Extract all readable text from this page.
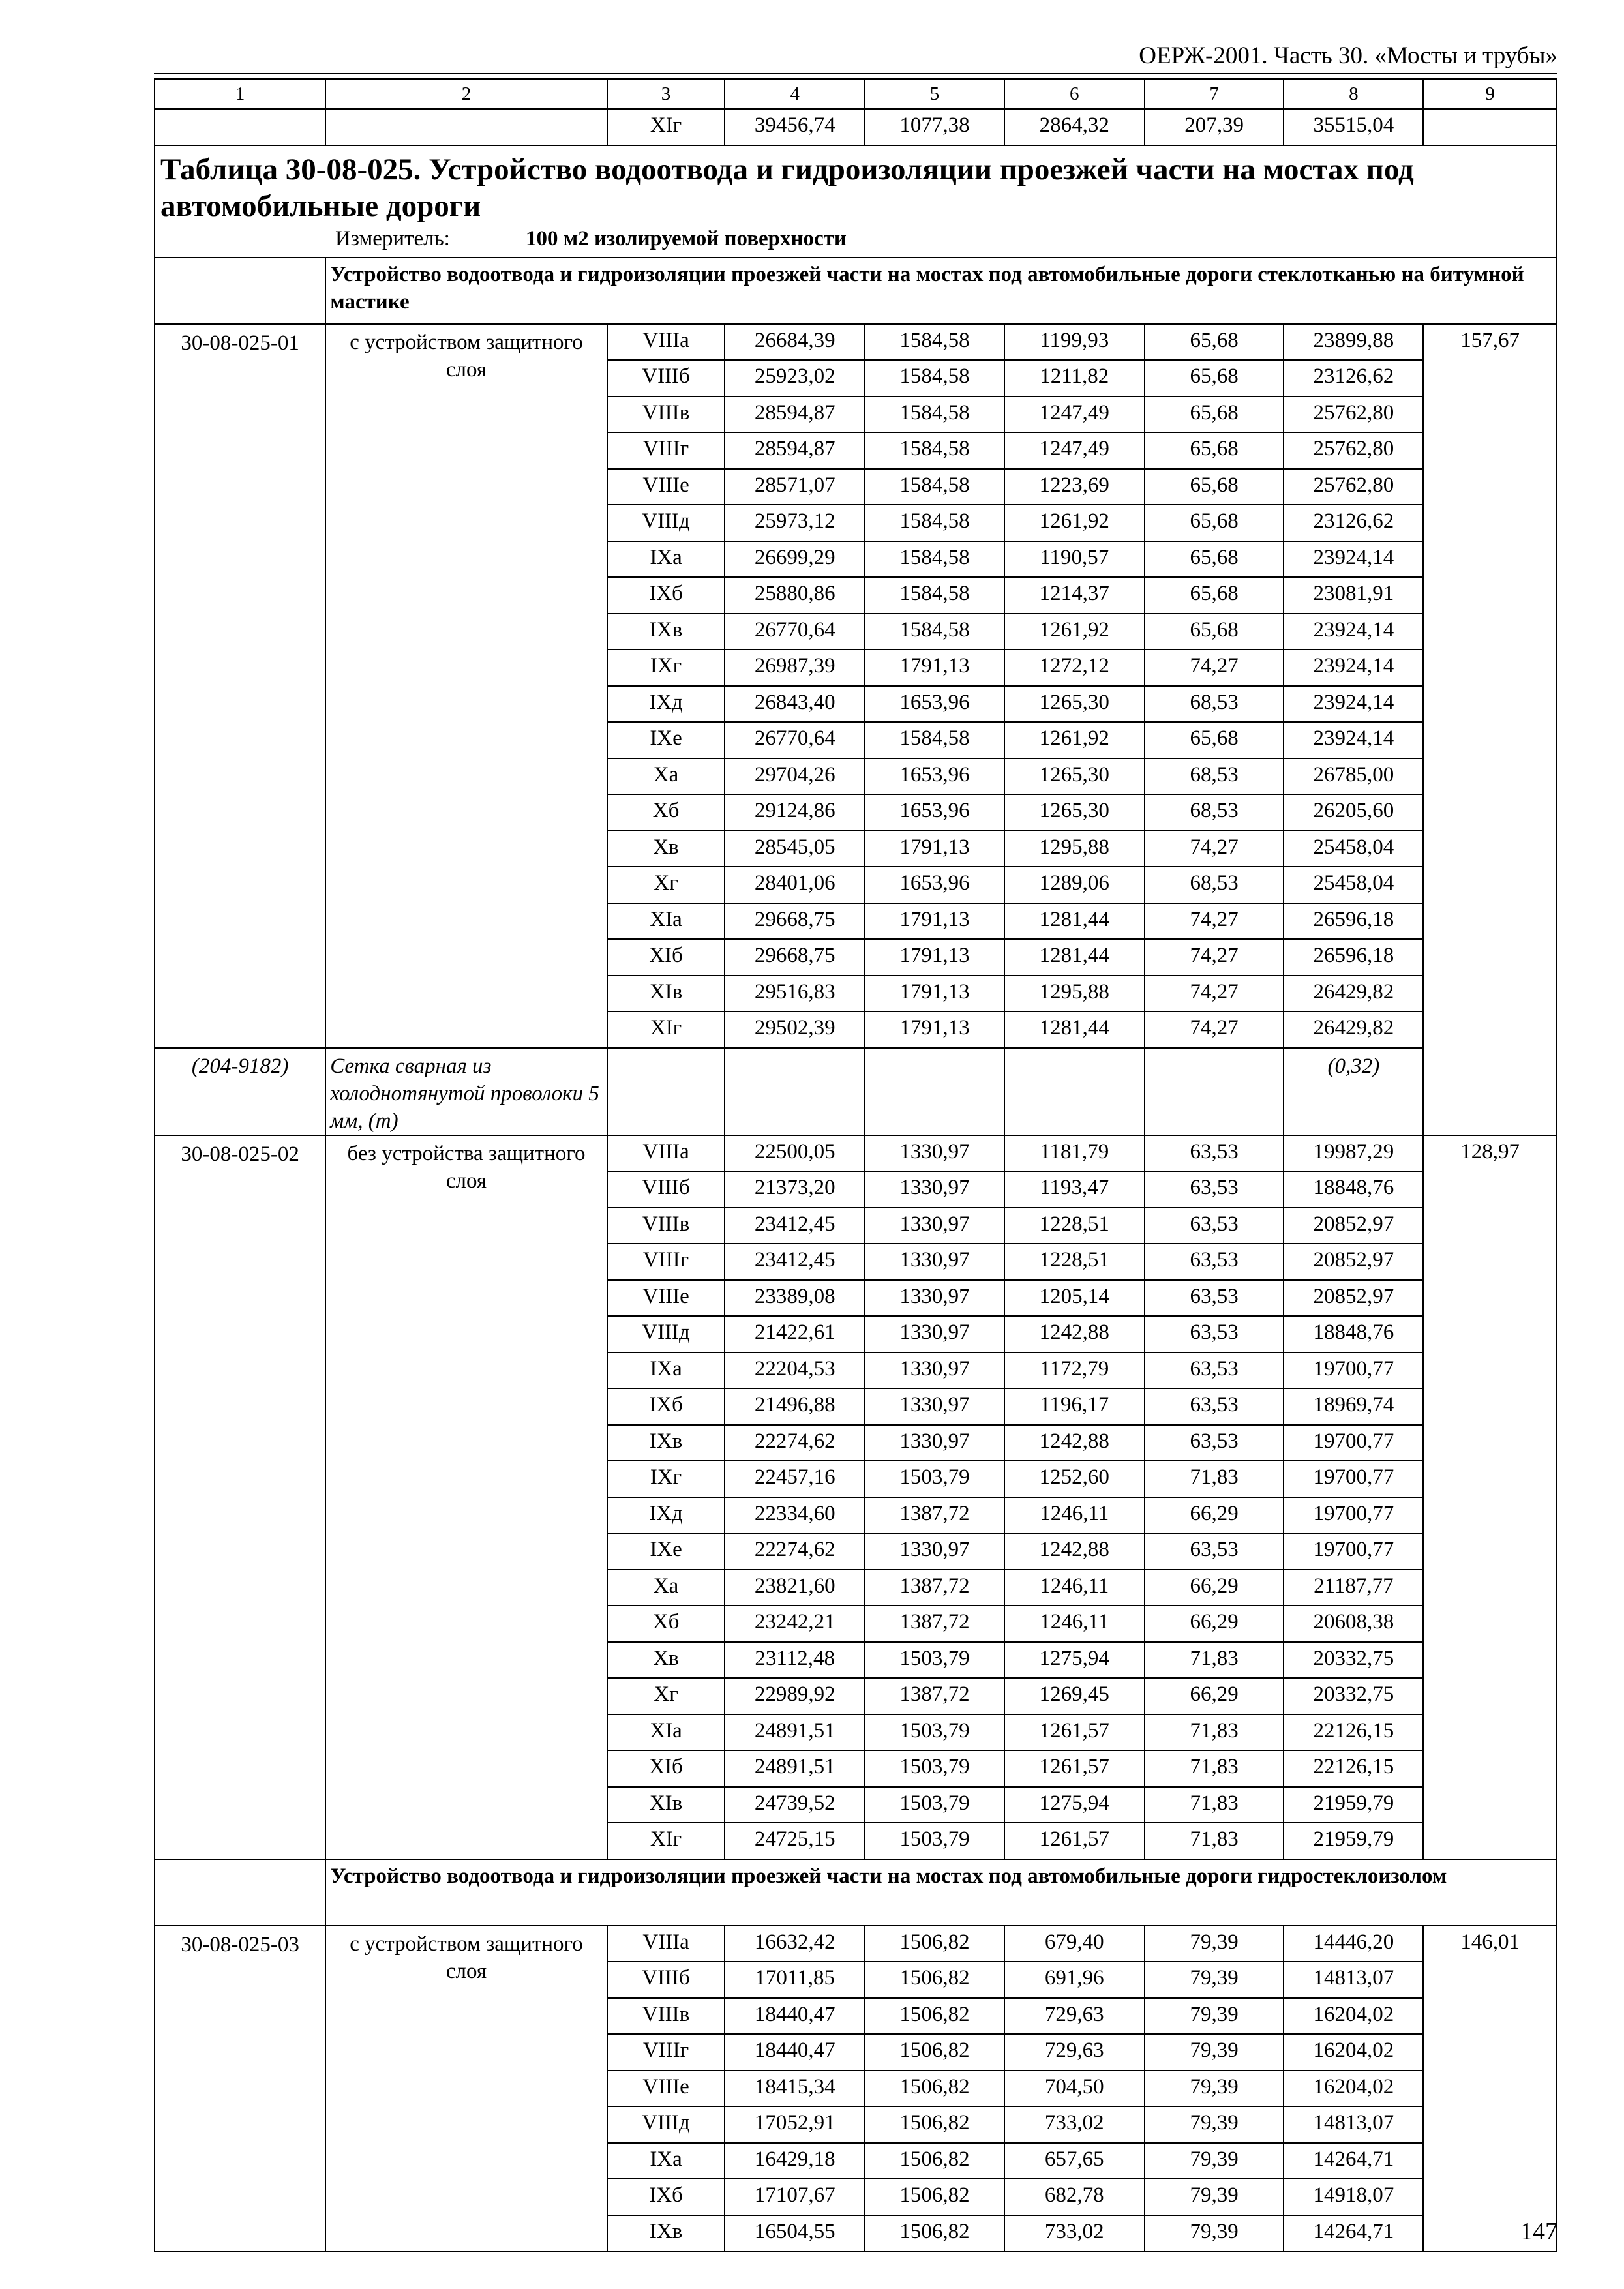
ОЕРЖ-2001. Часть 30. «Мосты и трубы»
1	2	3	4	5	6	7	8	9
		XIг	39456,74	1077,38	2864,32	207,39	35515,04	

Таблица 30-08-025. Устройство водоотвода и гидроизоляции проезжей части на мостах под автомобильные дороги
Измеритель: 100 м2 изолируемой поверхности								

	Устройство водоотвода и гидроизоляции проезжей части на мостах под автомобильные дороги стеклотканью на битумной мастике							
30-08-025-01	с устройством защитного слоя	VIIIа	26684,39	1584,58	1199,93	65,68	23899,88	157,67
		VIIIб	25923,02	1584,58	1211,82	65,68	23126,62	
		VIIIв	28594,87	1584,58	1247,49	65,68	25762,80	
		VIIIг	28594,87	1584,58	1247,49	65,68	25762,80	
		VIIIе	28571,07	1584,58	1223,69	65,68	25762,80	
		VIIIд	25973,12	1584,58	1261,92	65,68	23126,62	
		IXа	26699,29	1584,58	1190,57	65,68	23924,14	
		IXб	25880,86	1584,58	1214,37	65,68	23081,91	
		IXв	26770,64	1584,58	1261,92	65,68	23924,14	
		IXг	26987,39	1791,13	1272,12	74,27	23924,14	
		IXд	26843,40	1653,96	1265,30	68,53	23924,14	
		IXе	26770,64	1584,58	1261,92	65,68	23924,14	
		Xа	29704,26	1653,96	1265,30	68,53	26785,00	
		Xб	29124,86	1653,96	1265,30	68,53	26205,60	
		Xв	28545,05	1791,13	1295,88	74,27	25458,04	
		Xг	28401,06	1653,96	1289,06	68,53	25458,04	
		XIа	29668,75	1791,13	1281,44	74,27	26596,18	
		XIб	29668,75	1791,13	1281,44	74,27	26596,18	
		XIв	29516,83	1791,13	1295,88	74,27	26429,82	
		XIг	29502,39	1791,13	1281,44	74,27	26429,82	
(204-9182)	Сетка сварная из холоднотянутой проволоки 5 мм, (т)						(0,32)	
30-08-025-02	без устройства защитного слоя	VIIIа	22500,05	1330,97	1181,79	63,53	19987,29	128,97
		VIIIб	21373,20	1330,97	1193,47	63,53	18848,76	
		VIIIв	23412,45	1330,97	1228,51	63,53	20852,97	
		VIIIг	23412,45	1330,97	1228,51	63,53	20852,97	
		VIIIе	23389,08	1330,97	1205,14	63,53	20852,97	
		VIIIд	21422,61	1330,97	1242,88	63,53	18848,76	
		IXа	22204,53	1330,97	1172,79	63,53	19700,77	
		IXб	21496,88	1330,97	1196,17	63,53	18969,74	
		IXв	22274,62	1330,97	1242,88	63,53	19700,77	
		IXг	22457,16	1503,79	1252,60	71,83	19700,77	
		IXд	22334,60	1387,72	1246,11	66,29	19700,77	
		IXе	22274,62	1330,97	1242,88	63,53	19700,77	
		Xа	23821,60	1387,72	1246,11	66,29	21187,77	
		Xб	23242,21	1387,72	1246,11	66,29	20608,38	
		Xв	23112,48	1503,79	1275,94	71,83	20332,75	
		Xг	22989,92	1387,72	1269,45	66,29	20332,75	
		XIа	24891,51	1503,79	1261,57	71,83	22126,15	
		XIб	24891,51	1503,79	1261,57	71,83	22126,15	
		XIв	24739,52	1503,79	1275,94	71,83	21959,79	
		XIг	24725,15	1503,79	1261,57	71,83	21959,79	
	Устройство водоотвода и гидроизоляции проезжей части на мостах под автомобильные дороги гидростеклоизолом							
30-08-025-03	с устройством защитного слоя	VIIIа	16632,42	1506,82	679,40	79,39	14446,20	146,01
		VIIIб	17011,85	1506,82	691,96	79,39	14813,07	
		VIIIв	18440,47	1506,82	729,63	79,39	16204,02	
		VIIIг	18440,47	1506,82	729,63	79,39	16204,02	
		VIIIе	18415,34	1506,82	704,50	79,39	16204,02	
		VIIIд	17052,91	1506,82	733,02	79,39	14813,07	
		IXа	16429,18	1506,82	657,65	79,39	14264,71	
		IXб	17107,67	1506,82	682,78	79,39	14918,07	
		IXв	16504,55	1506,82	733,02	79,39	14264,71		147
